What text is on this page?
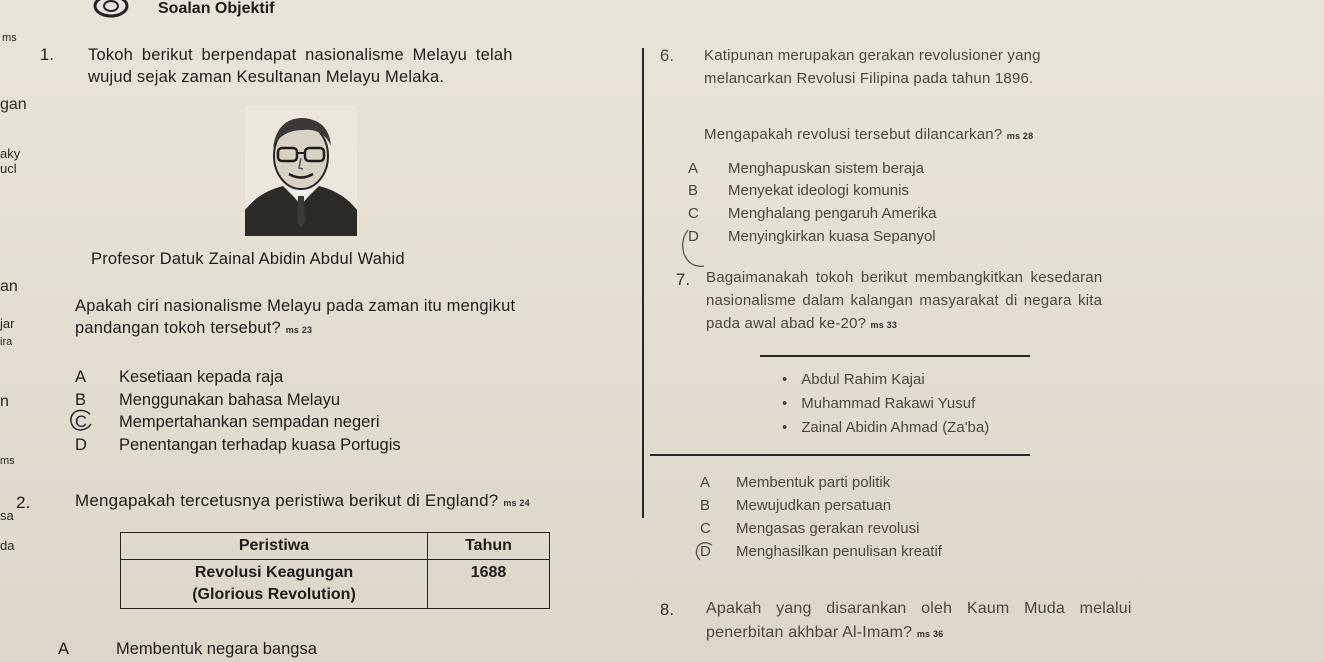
Soalan Objektif
ms
gan
aky
ucl
an
jar
ira
n
ms
sa
da
1. Tokoh berikut berpendapat nasionalisme Melayu telah
wujud sejak zaman Kesultanan Melayu Melaka.
Profesor Datuk Zainal Abidin Abdul Wahid
Apakah ciri nasionalisme Melayu pada zaman itu mengikut
pandangan tokoh tersebut? ms 23
A Kesetiaan kepada raja
B Menggunakan bahasa Melayu
C Mempertahankan sempadan negeri
D Penentangan terhadap kuasa Portugis
2.	Mengapakah tercetusnya peristiwa berikut di England? ms 24
Peristiwa	Tahun

Revolusi Keagungan
(Glorious Revolution)	1688
A	Membentuk negara bangsa
6. Katipunan merupakan gerakan revolusioner yang
melancarkan Revolusi Filipina pada tahun 1896.
Mengapakah revolusi tersebut dilancarkan? ms 28
A Menghapuskan sistem beraja
B Menyekat ideologi komunis
C Menghalang pengaruh Amerika
D Menyingkirkan kuasa Sepanyol
7. Bagaimanakah tokoh berikut membangkitkan kesedaran
nasionalisme dalam kalangan masyarakat di negara kita
pada awal abad ke-20? ms 33
• Abdul Rahim Kajai
• Muhammad Rakawi Yusuf
• Zainal Abidin Ahmad (Za'ba)
A Membentuk parti politik
B Mewujudkan persatuan
C Mengasas gerakan revolusi
D Menghasilkan penulisan kreatif
8. Apakah yang disarankan oleh Kaum Muda melalui
penerbitan akhbar Al-Imam? ms 36
